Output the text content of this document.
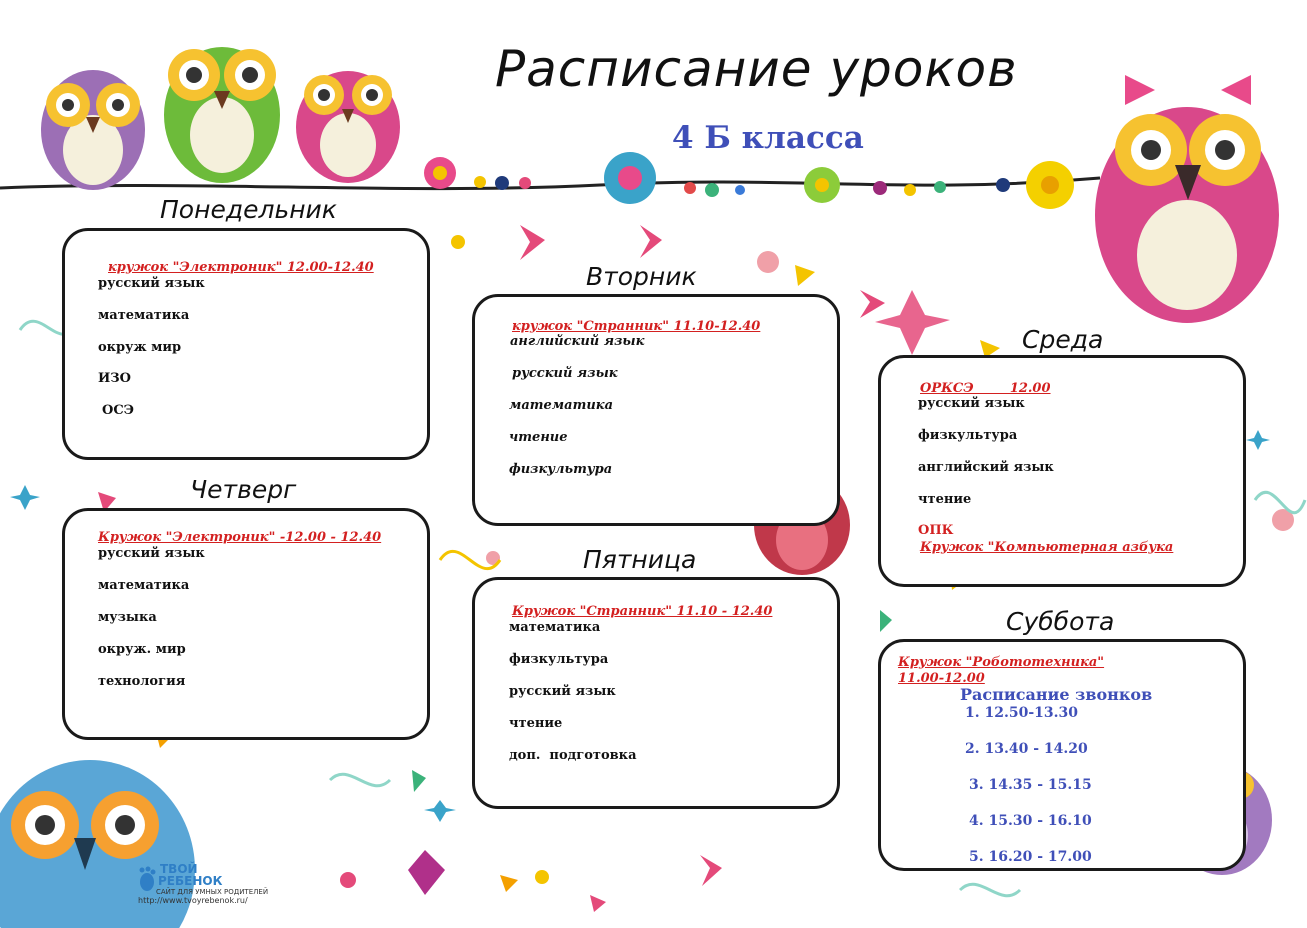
Расписание уроков
4 Б класса
Понедельник
кружок "Электроник" 12.00-12.40
русский язык
математика
окруж мир
ИЗО
ОСЭ
Вторник
кружок "Странник" 11.10-12.40
английский язык
русский язык
математика
чтение
физкультура
Среда
ОРКСЭ        12.00
русский язык
физкультура
английский язык
чтение
ОПК
Кружок "Компьютерная азбука
Четверг
Кружок "Электроник" -12.00 - 12.40
русский язык
математика
музыка
окруж. мир
технология
Пятница
Кружок "Странник" 11.10 - 12.40
математика
физкультура
русский язык
чтение
доп.  подготовка
Суббота
Кружок "Робототехника"
11.00-12.00
Расписание звонков
1. 12.50-13.30
2. 13.40 - 14.20
3. 14.35 - 15.15
4. 15.30 - 16.10
5. 16.20 - 17.00
ТВОЙ
РЕБЕНОК
САЙТ ДЛЯ УМНЫХ РОДИТЕЛЕЙ
http://www.tvoyrebenok.ru/
